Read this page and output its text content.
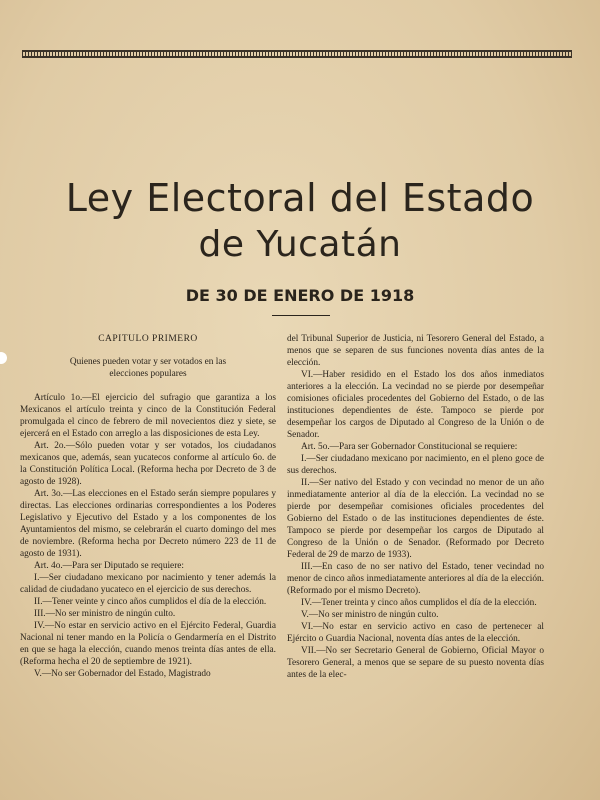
Ley Electoral del Estado
de Yucatán
DE 30 DE ENERO DE 1918

CAPITULO PRIMERO

Quienes pueden votar y ser votados en las
elecciones populares

Artículo 1o.—El ejercicio del sufragio que garantiza a los Mexicanos el artículo treinta y cinco de la Constitución Federal promulgada el cinco de febrero de mil novecientos diez y siete, se ejercerá en el Estado con arreglo a las disposiciones de esta Ley.

Art. 2o.—Sólo pueden votar y ser votados, los ciudadanos mexicanos que, además, sean yucatecos conforme al artículo 6o. de la Constitución Política Local. (Reforma hecha por Decreto de 3 de agosto de 1928).

Art. 3o.—Las elecciones en el Estado serán siempre populares y directas. Las elecciones ordinarias correspondientes a los Poderes Legislativo y Ejecutivo del Estado y a los componentes de los Ayuntamientos del mismo, se celebrarán el cuarto domingo del mes de noviembre. (Reforma hecha por Decreto número 223 de 11 de agosto de 1931).

Art. 4o.—Para ser Diputado se requiere:

I.—Ser ciudadano mexicano por nacimiento y tener además la calidad de ciudadano yucateco en el ejercicio de sus derechos.

II.—Tener veinte y cinco años cumplidos el día de la elección.

III.—No ser ministro de ningún culto.

IV.—No estar en servicio activo en el Ejército Federal, Guardia Nacional ni tener mando en la Policía o Gendarmería en el Distrito en que se haga la elección, cuando menos treinta días antes de ella. (Reforma hecha el 20 de septiembre de 1921).

V.—No ser Gobernador del Estado, Magistrado

del Tribunal Superior de Justicia, ni Tesorero General del Estado, a menos que se separen de sus funciones noventa días antes de la elección.

VI.—Haber residido en el Estado los dos años inmediatos anteriores a la elección. La vecindad no se pierde por desempeñar comisiones oficiales procedentes del Gobierno del Estado, o de las instituciones dependientes de éste. Tampoco se pierde por desempeñar los cargos de Diputado al Congreso de la Unión o de Senador.

Art. 5o.—Para ser Gobernador Constitucional se requiere:

I.—Ser ciudadano mexicano por nacimiento, en el pleno goce de sus derechos.

II.—Ser nativo del Estado y con vecindad no menor de un año inmediatamente anterior al día de la elección. La vecindad no se pierde por desempeñar comisiones oficiales procedentes del Gobierno del Estado o de las instituciones dependientes de éste. Tampoco se pierde por desempeñar los cargos de Diputado al Congreso de la Unión o de Senador. (Reformado por Decreto Federal de 29 de marzo de 1933).

III.—En caso de no ser nativo del Estado, tener vecindad no menor de cinco años inmediatamente anteriores al día de la elección. (Reformado por el mismo Decreto).

IV.—Tener treinta y cinco años cumplidos el día de la elección.

V.—No ser ministro de ningún culto.

VI.—No estar en servicio activo en caso de pertenecer al Ejército o Guardia Nacional, noventa días antes de la elección.

VII.—No ser Secretario General de Gobierno, Oficial Mayor o Tesorero General, a menos que se separe de su puesto noventa días antes de la elec-
